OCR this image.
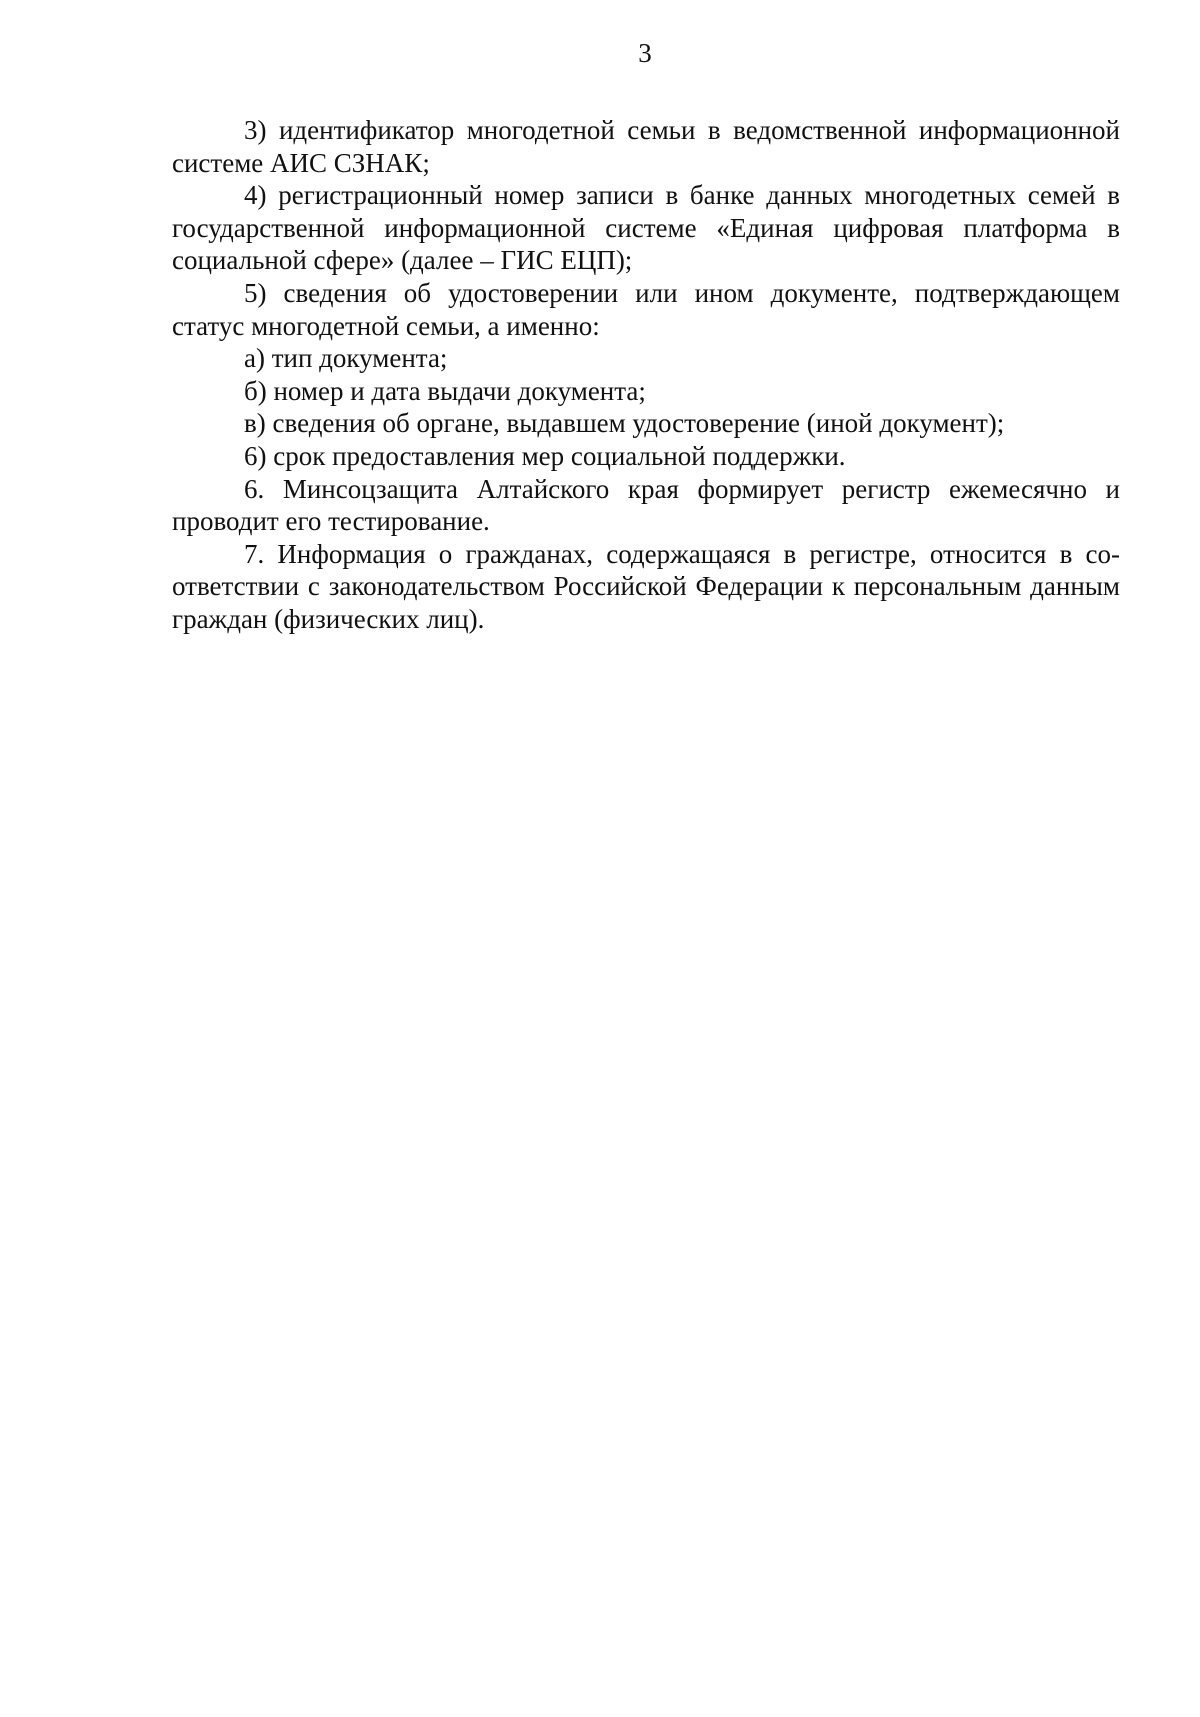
3

3) идентификатор многодетной семьи в ведомственной информационной системе АИС СЗНАК;

4) регистрационный номер записи в банке данных многодетных семей в государственной информационной системе «Единая цифровая платформа в социальной сфере» (далее – ГИС ЕЦП);

5) сведения об удостоверении или ином документе, подтверждающем статус многодетной семьи, а именно:

а) тип документа;

б) номер и дата выдачи документа;

в) сведения об органе, выдавшем удостоверение (иной документ);

6) срок предоставления мер социальной поддержки.

6. Минсоцзащита Алтайского края формирует регистр ежемесячно и проводит его тестирование.

7. Информация о гражданах, содержащаяся в регистре, относится в соответствии с законодательством Российской Федерации к персональным данным граждан (физических лиц).
